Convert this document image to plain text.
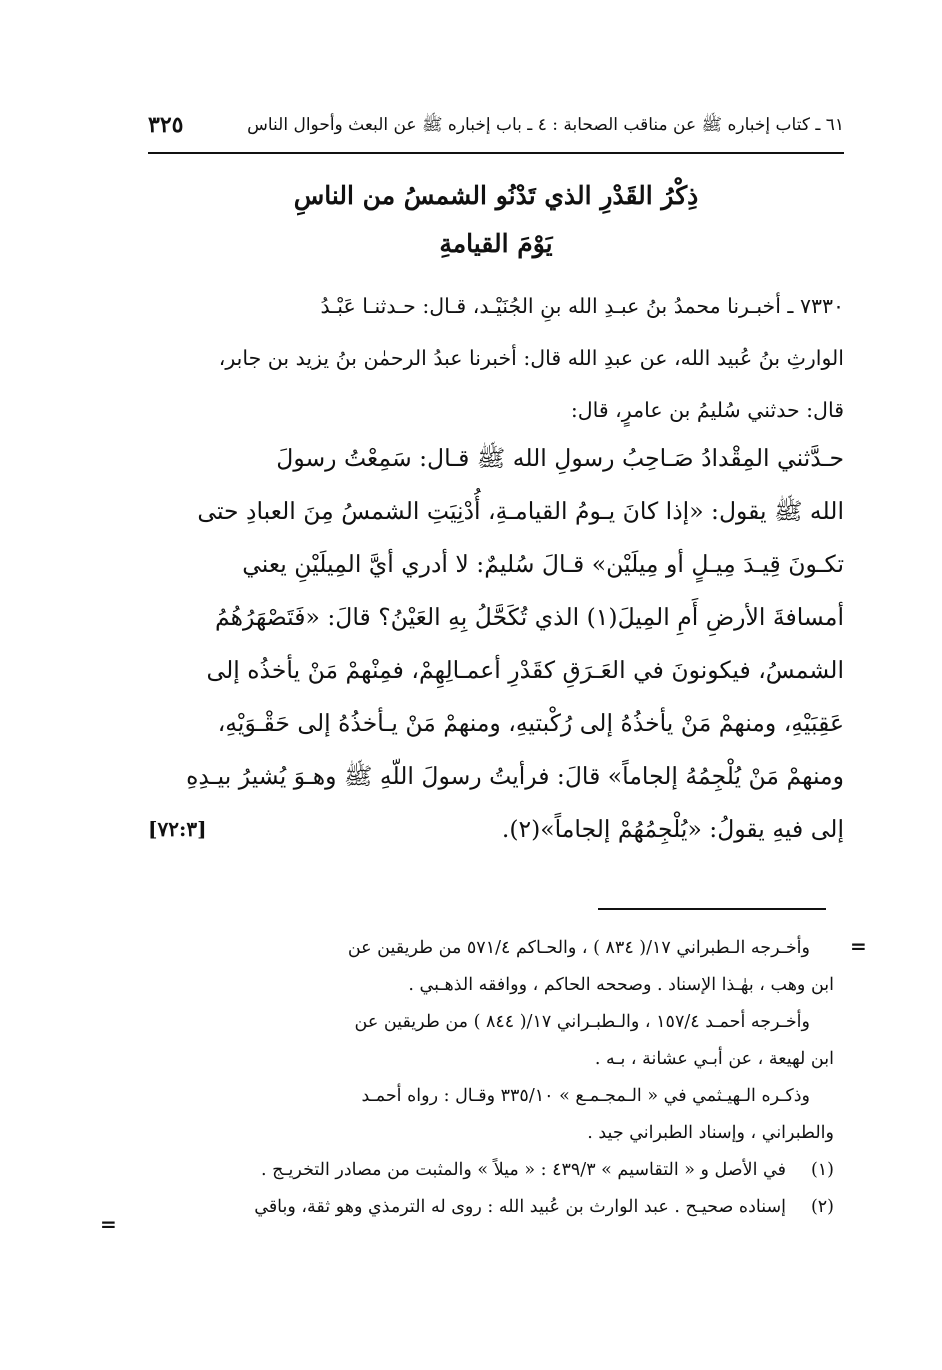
٦١ ـ كتاب إخباره ﷺ عن مناقب الصحابة : ٤ ـ باب إخباره ﷺ عن البعث وأحوال الناس
٣٢٥
ذِكْرُ القَدْرِ الذي تَدْنُو الشمسُ من الناسِ
يَوْمَ القيامةِ
٧٣٣٠ ـ أخبـرنا محمدُ بنُ عبـدِ الله بنِ الجُنَيْـد، قـال: حـدثنـا عَبْـدُ
الوارثِ بنُ عُبيد الله، عن عبدِ الله قال: أخبرنا عبدُ الرحمٰن بنُ يزيد بن جابر،
قال: حدثني سُليمُ بن عامرٍ، قال:
حـدَّثني المِقْدادُ صَـاحِبُ رسولِ الله ﷺ قـال: سَمِعْتُ رسولَ
الله ﷺ يقول: «إذا كانَ يـومُ القيامـةِ، أُدْنِيَتِ الشمسُ مِنَ العبادِ حتى
تكـونَ قِيـدَ مِيـلٍ أو مِيلَيْن» قـالَ سُليمٌ: لا أدري أيَّ المِيلَيْنِ يعني
أمسافةَ الأرضِ أَمِ المِيلَ(١) الذي تُكَحَّلُ بِهِ العَيْنُ؟ قالَ: «فَتَصْهَرُهُمُ
الشمسُ، فيكونونَ في العَـرَقِ كقَدْرِ أعمـالِهِمْ، فمِنْهمْ مَنْ يأخذُه إلى
عَقِبَيْهِ، ومنهمْ مَنْ يأخذُهُ إلى رُكْبتيهِ، ومنهمْ مَنْ يـأخذُهُ إلى حَقْـوَيْهِ،
ومنهمْ مَنْ يُلْجِمُهُ إلجاماً» قالَ: فرأيتُ رسولَ اللّهِ ﷺ وهـوَ يُشيرُ بيـدِهِ
إلى فيهِ يقولُ: «يُلْجِمُهُمْ إلجاماً»(٢).
[٧٢:٣]
=
وأخـرجه الـطبراني ١٧/( ٨٣٤ ) ، والحـاكم ٥٧١/٤ من طريقين عن
ابن وهب ، بهٰـذا الإسناد . وصححه الحاكم ، ووافقه الذهـبي .
وأخـرجه أحمـد ١٥٧/٤ ، والـطبـراني ١٧/( ٨٤٤ ) من طريقين عن
ابن لهيعة ، عن أبـي عشانة ، بـه .
وذكـره الـهيـثمي في « الـمجـمـع » ٣٣٥/١٠ وقـال : رواه أحمـد
والطبراني ، وإسناد الطبراني جيد .
(١)
في الأصل و « التقاسيم » ٤٣٩/٣ : « ميلاً » والمثبت من مصادر التخريـج .
(٢)
إسناده صحيـح . عبد الوارث بن عُبيد الله : روى له الترمذي وهو ثقة، وباقي
=
